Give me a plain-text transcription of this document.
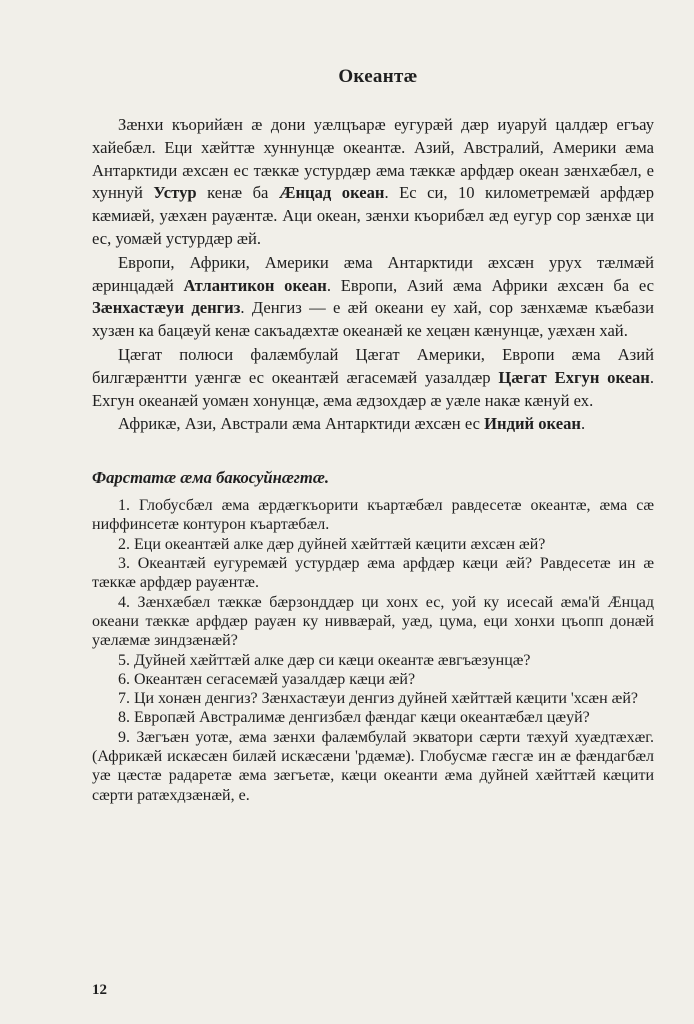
Океантæ

Зæнхи къорийæн æ дони уæлцъарæ еугурæй дæр иуаруй цалдæр егъау хайебæл. Еци хæйттæ хуннунцæ океантæ. Азий, Австралий, Америки æма Антарктиди æхсæн ес тæккæ устурдæр æма тæккæ арфдæр океан зæнхæбæл, е хуннуй Устур кенæ ба Æнцад океан. Ес си, 10 километремæй арфдæр кæмиæй, уæхæн рауæнтæ. Аци океан, зæнхи къорибæл æд еугур сор зæнхæ ци ес, уомæй устурдæр æй.

Европи, Африки, Америки æма Антарктиди æхсæн урух тæлмæй æринцадæй Атлантикон океан. Европи, Азий æма Африки æхсæн ба ес Зæнхастæуи денгиз. Денгиз — е æй океани еу хай, сор зæнхæмæ къæбази хузæн ка бацæуй кенæ сакъадæхтæ океанæй ке хецæн кæнунцæ, уæхæн хай.

Цæгат полюси фалæмбулай Цæгат Америки, Европи æма Азий билгæрæнтти уæнгæ ес океантæй æгасемæй уазалдæр Цæгат Ехгун океан. Ехгун океанæй уомæн хонунцæ, æма æдзохдæр æ уæле накæ кæнуй ех.

Африкæ, Ази, Австрали æма Антарктиди æхсæн ес Индий океан.

Фарстатæ æма бакосуйнæгтæ.

1. Глобусбæл æма æрдæгкъорити къартæбæл равдесетæ океантæ, æма сæ ниффинсетæ контурон къартæбæл.

2. Еци океантæй алке дæр дуйней хæйттæй кæцити æхсæн æй?

3. Океантæй еугуремæй устурдæр æма арфдæр кæци æй? Равдесетæ ин æ тæккæ арфдæр рауæнтæ.

4. Зæнхæбæл тæккæ бæрзонддæр ци хонх ес, уой ку исесай æма'й Æнцад океани тæккæ арфдæр рауæн ку ниввæрай, уæд, цума, еци хонхи цъопп донæй уæлæмæ зиндзæнæй?

5. Дуйней хæйттæй алке дæр си кæци океантæ æвгъæзунцæ?

6. Океантæн сегасемæй уазалдæр кæци æй?

7. Ци хонæн денгиз? Зæнхастæуи денгиз дуйней хæйттæй кæцити 'хсæн æй?

8. Европæй Австралимæ денгизбæл фæндаг кæци океантæбæл цæуй?

9. Зæгъæн уотæ, æма зæнхи фалæмбулай экватори сæрти тæхуй хуæдтæхæг. (Африкæй искæсæн билæй искæсæни 'рдæмæ). Глобусмæ гæсгæ ин æ фæндагбæл уæ цæстæ радаретæ æма зæгъетæ, кæци океанти æма дуйней хæйттæй кæцити сæрти ратæхдзæнæй, е.

12
